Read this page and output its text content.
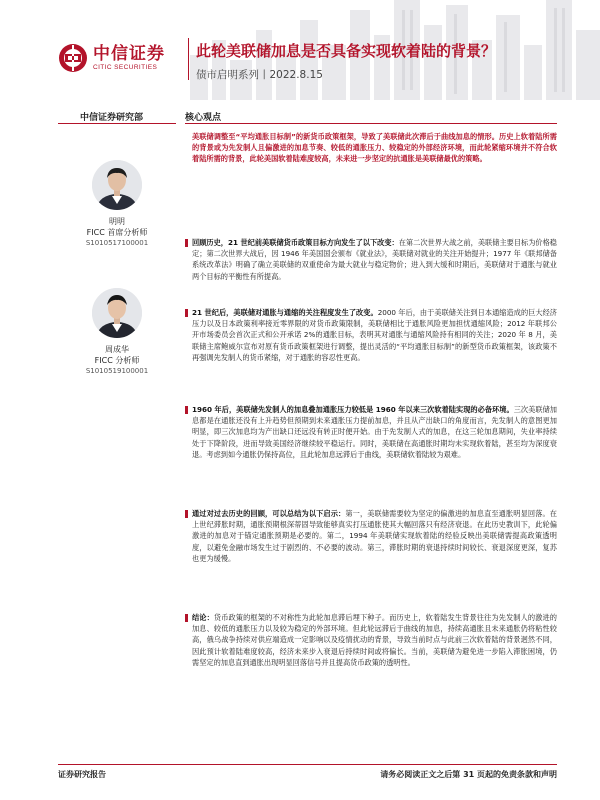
中信证券
CITIC SECURITIES
此轮美联储加息是否具备实现软着陆的背景？
债市启明系列丨2022.8.15
中信证券研究部	核心观点
明明
FICC 首席分析师
S1010517100001
周成华
FICC 分析师
S1010519100001
美联储调整至“平均通胀目标制”的新货币政策框架，导致了美联储此次滞后于曲线加息的情形。历史上软着陆所需的背景或为先发制人且偏激进的加息节奏、较低的通胀压力、较稳定的外部经济环境，而此轮紧缩环境并不符合软着陆所需的背景，此轮美国软着陆难度较高，未来进一步坚定的抗通胀是美联储最优的策略。
回顾历史，21 世纪前美联储货币政策目标方向发生了以下改变：在第二次世界大战之前，美联储主要目标为价格稳定；第二次世界大战后，因 1946 年美国国会颁布《就业法》，美联储对就业的关注开始提升；1977 年《联邦储备系统改革法》明确了确立美联储的双重使命为最大就业与稳定物价；进入到大缓和时期后，美联储对于通胀与就业两个目标的平衡性有所提高。
21 世纪后，美联储对通胀与通缩的关注程度发生了改变。2000 年后，由于美联储关注到日本通缩造成的巨大经济压力以及日本政策利率接近零界限的对货币政策限制，美联储相比于通胀风险更加担忧通缩风险；2012 年联邦公开市场委员会首次正式和公开承诺 2%的通胀目标，表明其对通胀与通缩风险持有相同的关注；2020 年 8 月，美联储主席鲍威尔宣布对原有货币政策框架进行调整，提出灵活的“平均通胀目标制”的新型货币政策框架，该政策不再强调先发制人的货币紧缩，对于通胀的容忍性更高。
1960 年后，美联储先发制人的加息叠加通胀压力较低是 1960 年以来三次软着陆实现的必备环境。三次美联储加息都是在通胀还没有上升趋势但预期到未来通胀压力提前加息，并且从产出缺口的角度而言，先发制人的意图更加明显，即三次加息均为产出缺口还远没有转正时便开始。由于先发制人式的加息，在这三轮加息期间，失业率持续处于下降阶段，进而导致美国经济继续较平稳运行。同时，美联储在高通胀时期均未实现软着陆，甚至均为深度衰退。考虑到如今通胀仍保持高位，且此轮加息远滞后于曲线，美联储软着陆较为艰难。
通过对过去历史的回顾，可以总结为以下启示：第一，美联储需要较为坚定的偏激进的加息直至通胀明显回落。在上世纪滞胀时期，通胀预期根深蒂固导致能够真实打压通胀使其大幅回落只有经济衰退。在此历史教训下，此轮偏激进的加息对于锚定通胀预期是必要的。第二，1994 年美联储实现软着陆的经验反映出美联储需提高政策透明度，以避免金融市场发生过于剧烈的、不必要的波动。第三，滞胀时期的衰退持续时间较长、衰退深度更深，复苏也更为缓慢。
结论：货币政策的框架的不对称性为此轮加息滞后埋下种子。而历史上，软着陆发生背景往往为先发制人的激进的加息、较低的通胀压力以及较为稳定的外部环境。但此轮远滞后于曲线的加息，持续高通胀且未来通胀仍将粘性较高，俄乌战争持续对供应端造成一定影响以及疫情扰动的背景，导致当前时点与此前三次软着陆的背景迥然不同，因此预计软着陆难度较高，经济未来步入衰退后持续时间或将偏长。当前，美联储为避免进一步陷入滞胀困境，仍需坚定的加息直到通胀出现明显回落信号并且提高货币政策的透明性。
证券研究报告	请务必阅读正文之后第 31 页起的免责条款和声明
